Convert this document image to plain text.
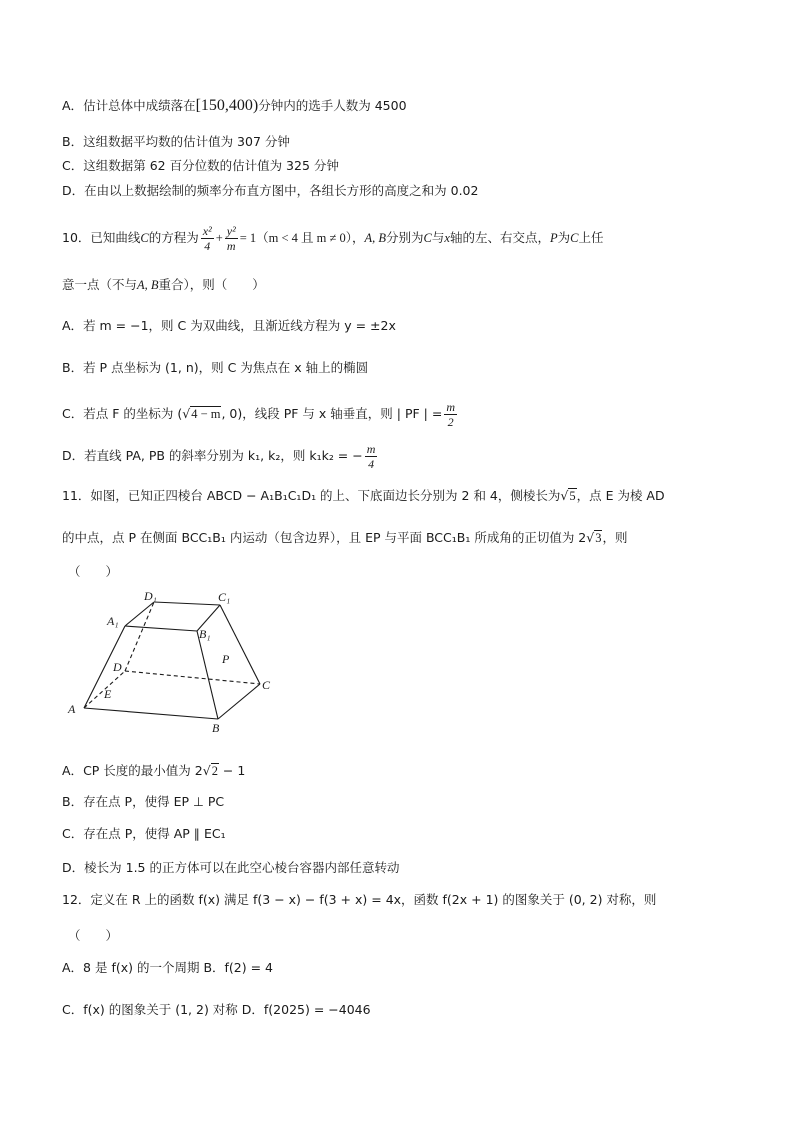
A．估计总体中成绩落在[150,400)分钟内的选手人数为 4500
B．这组数据平均数的估计值为 307 分钟
C．这组数据第 62 百分位数的估计值为 325 分钟
D．在由以上数据绘制的频率分布直方图中，各组长方形的高度之和为 0.02
10．已知曲线C的方程为 $\frac{\text{x²}}{4} + \frac{\text{y²}}{m} = 1(m < 4$ 且 m ≠ 0），A, B分别为C与x轴的左、右交点，P为C上任
意一点（不与A, B重合），则（　　）
A．若 m = −1，则 C 为双曲线，且渐近线方程为 y = ±2x
B．若 P 点坐标为 (1, n)，则 C 为焦点在 x 轴上的椭圆
C．若点 F 的坐标为 (√4 − m, 0)，线段 PF 与 x 轴垂直，则 | PF | = $\frac{m}{2}$
D．若直线 PA, PB 的斜率分别为 k₁, k₂，则 k₁k₂ = − $\frac{m}{4}$
11．如图，已知正四棱台 ABCD − A₁B₁C₁D₁ 的上、下底面边长分别为 2 和 4，侧棱长为√5，点 E 为棱 AD
的中点，点 P 在侧面 BCC₁B₁ 内运动（包含边界），且 EP 与平面 BCC₁B₁ 所成角的正切值为 2√3，则
（　　）
D₁	C₁
A₁
B₁
P
D
C
E
A
B
A．CP 长度的最小值为 2√2 − 1
B．存在点 P，使得 EP ⊥ PC
C．存在点 P，使得 AP ∥ EC₁
D．棱长为 1.5 的正方体可以在此空心棱台容器内部任意转动
12．定义在 R 上的函数 f(x) 满足 f(3 − x) − f(3 + x) = 4x，函数 f(2x + 1) 的图象关于 (0, 2) 对称，则
（　　）
A．8 是 f(x) 的一个周期 B．f(2) = 4
C．f(x) 的图象关于 (1, 2) 对称 D．f(2025) = −4046
